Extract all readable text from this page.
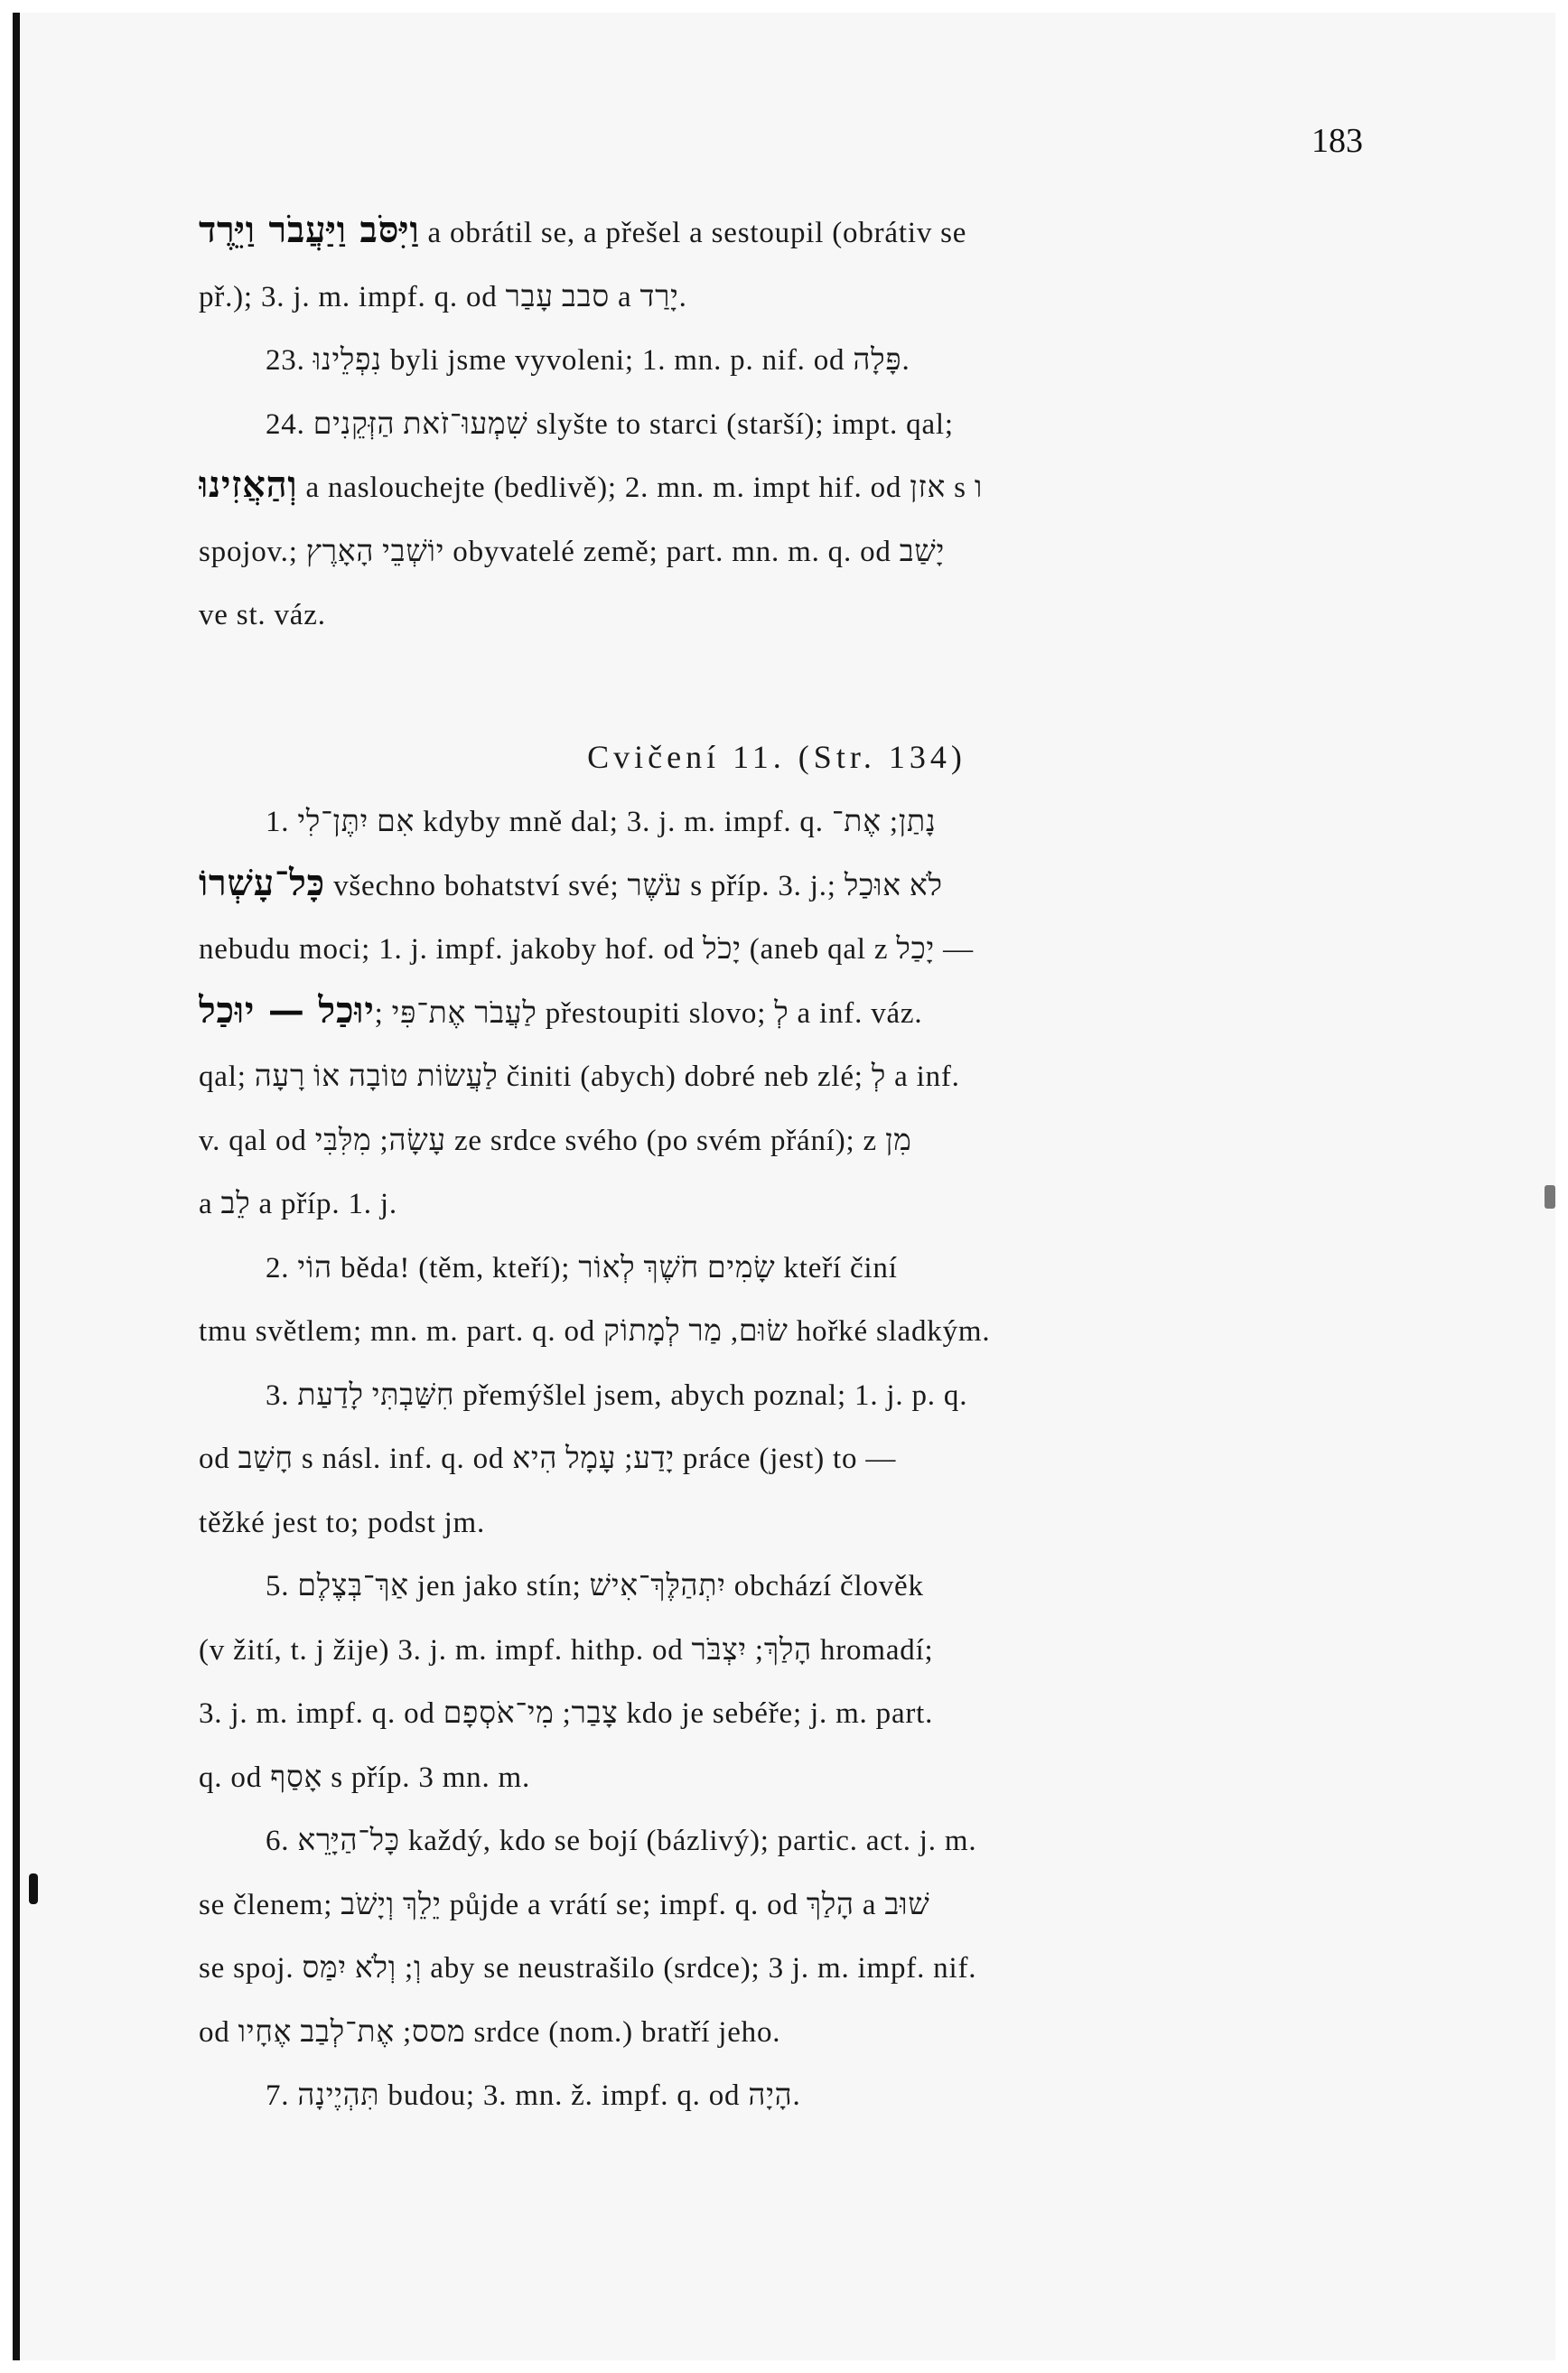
183
וַיִּסֹּב וַיַּעֲבֹר וַיֵּרֶד a obrátil se, a přešel a sestoupil (obrátiv se
př.); 3. j. m. impf. q. od סבב עָבַר a יָרַד.
23. נִפְלֵינוּ byli jsme vyvoleni; 1. mn. p. nif. od פָּלָה.
24. שִׁמְעוּ־זֹאת הַזְּקֵנִים slyšte to starci (starší); impt. qal;
וְהַאֲזִינוּ a naslouchejte (bedlivě); 2. mn. m. impt hif. od אזן s ו
spojov.; יוֹשְׁבֵי הָאָרֶץ obyvatelé země; part. mn. m. q. od יָשַׁב
ve st. váz.
Cvičení 11. (Str. 134)
1. אִם יִתֶּן־לִי kdyby mně dal; 3. j. m. impf. q. נָתַן; אֶת־
כָּל־עָשְׁרוֹ všechno bohatství své; עֹשֶׁר s příp. 3. j.; לֹא אוּכַל
nebudu moci; 1. j. impf. jakoby hof. od יָכֹל (aneb qal z יָכַל —
יוּכַל — יוּכַל; לַעֲבֹר אֶת־פִּי přestoupiti slovo; לְ a inf. váz.
qal; לַעֲשׂוֹת טוֹבָה אוֹ רָעָה činiti (abych) dobré neb zlé; לְ a inf.
v. qal od עָשָׂה; מִלִּבִּי ze srdce svého (po svém přání); z מִן
a לֵב a příp. 1. j.
2. הוֹי běda! (těm, kteří); שָׂמִים חֹשֶׁךְ לְאוֹר kteří činí
tmu světlem; mn. m. part. q. od שׂוּם, מַר לְמָתוֹק hořké sladkým.
3. חִשַּׁבְתִּי לָדַעַת přemýšlel jsem, abych poznal; 1. j. p. q.
od חָשַׁב s násl. inf. q. od יָדַע; עָמָל הִיא práce (jest) to —
těžké jest to; podst jm.
5. אַךְ־בְּצֶלֶם jen jako stín; יִתְהַלֶּךְ־אִישׁ obchází člověk
(v žití, t. j žije) 3. j. m. impf. hithp. od הָלַךְ; יִצְבֹּר hromadí;
3. j. m. impf. q. od צָבַר; מִי־אֹסְפָם kdo je sebéře; j. m. part.
q. od אָסַף s příp. 3 mn. m.
6. כָּל־הַיָּרֵא každý, kdo se bojí (bázlivý); partic. act. j. m.
se členem; יֵלֵךְ וְיָשֹׁב půjde a vrátí se; impf. q. od הָלַךְ a שׁוּב
se spoj. וְ; וְלֹא יִמַּס aby se neustrašilo (srdce); 3 j. m. impf. nif.
od מסס; אֶת־לְבַב אֶחָיו srdce (nom.) bratří jeho.
7. תִּהְיֶינָה budou; 3. mn. ž. impf. q. od הָיָה.
